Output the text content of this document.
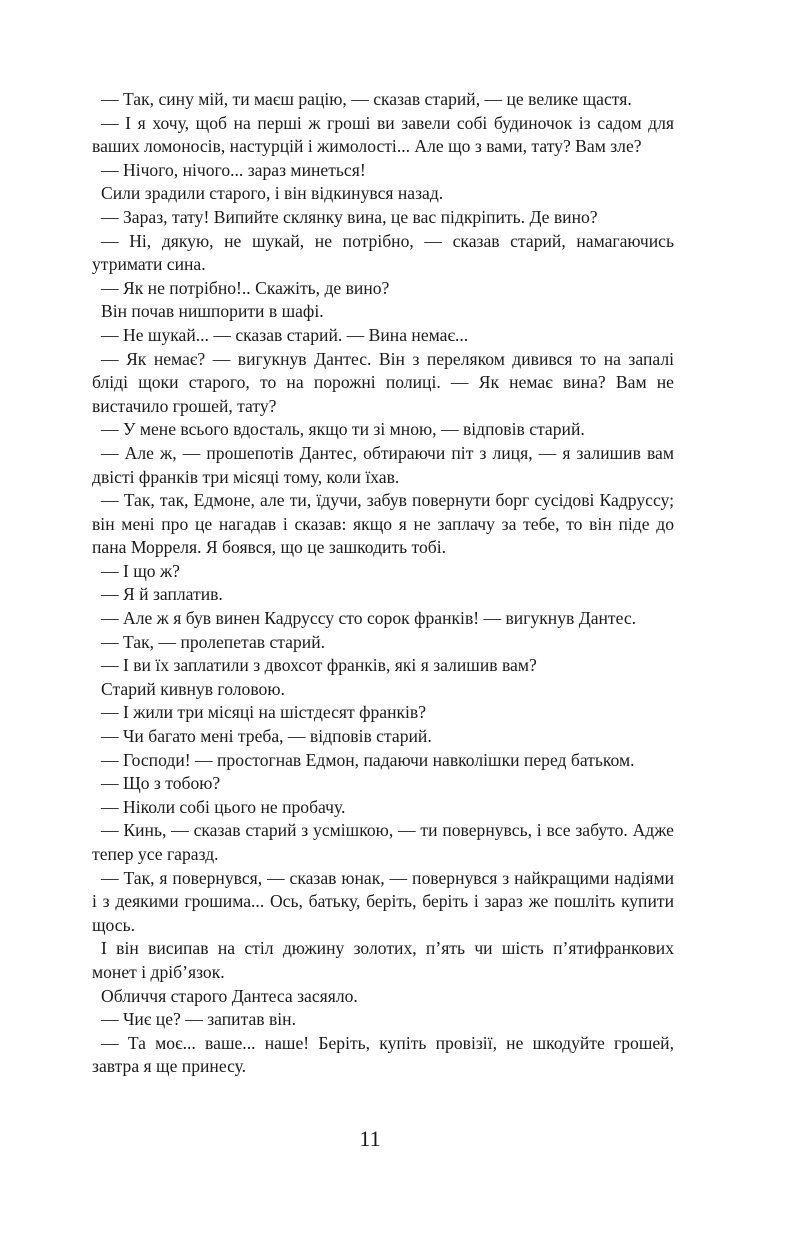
— Так, сину мій, ти маєш рацію, — сказав старий, — це велике щастя.

— І я хочу, щоб на перші ж гроші ви завели собі будиночок із садом для ваших ломоносів, настурцій і жимолості... Але що з вами, тату? Вам зле?

— Нічого, нічого... зараз минеться!

Сили зрадили старого, і він відкинувся назад.

— Зараз, тату! Випийте склянку вина, це вас підкріпить. Де вино?

— Ні, дякую, не шукай, не потрібно, — сказав старий, намагаючись утримати сина.

— Як не потрібно!.. Скажіть, де вино?

Він почав нишпорити в шафі.

— Не шукай... — сказав старий. — Вина немає...

— Як немає? — вигукнув Дантес. Він з переляком дивився то на запалі бліді щоки старого, то на порожні полиці. — Як немає вина? Вам не вистачило грошей, тату?

— У мене всього вдосталь, якщо ти зі мною, — відповів старий.

— Але ж, — прошепотів Дантес, обтираючи піт з лиця, — я залишив вам двісті франків три місяці тому, коли їхав.

— Так, так, Едмоне, але ти, їдучи, забув повернути борг сусідові Кадруссу; він мені про це нагадав і сказав: якщо я не заплачу за тебе, то він піде до пана Морреля. Я боявся, що це зашкодить тобі.

— І що ж?

— Я й заплатив.

— Але ж я був винен Кадруссу сто сорок франків! — вигукнув Дантес.

— Так, — пролепетав старий.

— І ви їх заплатили з двохсот франків, які я залишив вам?

Старий кивнув головою.

— І жили три місяці на шістдесят франків?

— Чи багато мені треба, — відповів старий.

— Господи! — простогнав Едмон, падаючи навколішки перед батьком.

— Що з тобою?

— Ніколи собі цього не пробачу.

— Кинь, — сказав старий з усмішкою, — ти повернувсь, і все забуто. Адже тепер усе гаразд.

— Так, я повернувся, — сказав юнак, — повернувся з найкращими надіями і з деякими грошима... Ось, батьку, беріть, беріть і зараз же пошліть купити щось.

І він висипав на стіл дюжину золотих, п’ять чи шість п’ятифранкових монет і дріб’язок.

Обличчя старого Дантеса засяяло.

— Чиє це? — запитав він.

— Та моє... ваше... наше! Беріть, купіть провізії, не шкодуйте грошей, завтра я ще принесу.

11
